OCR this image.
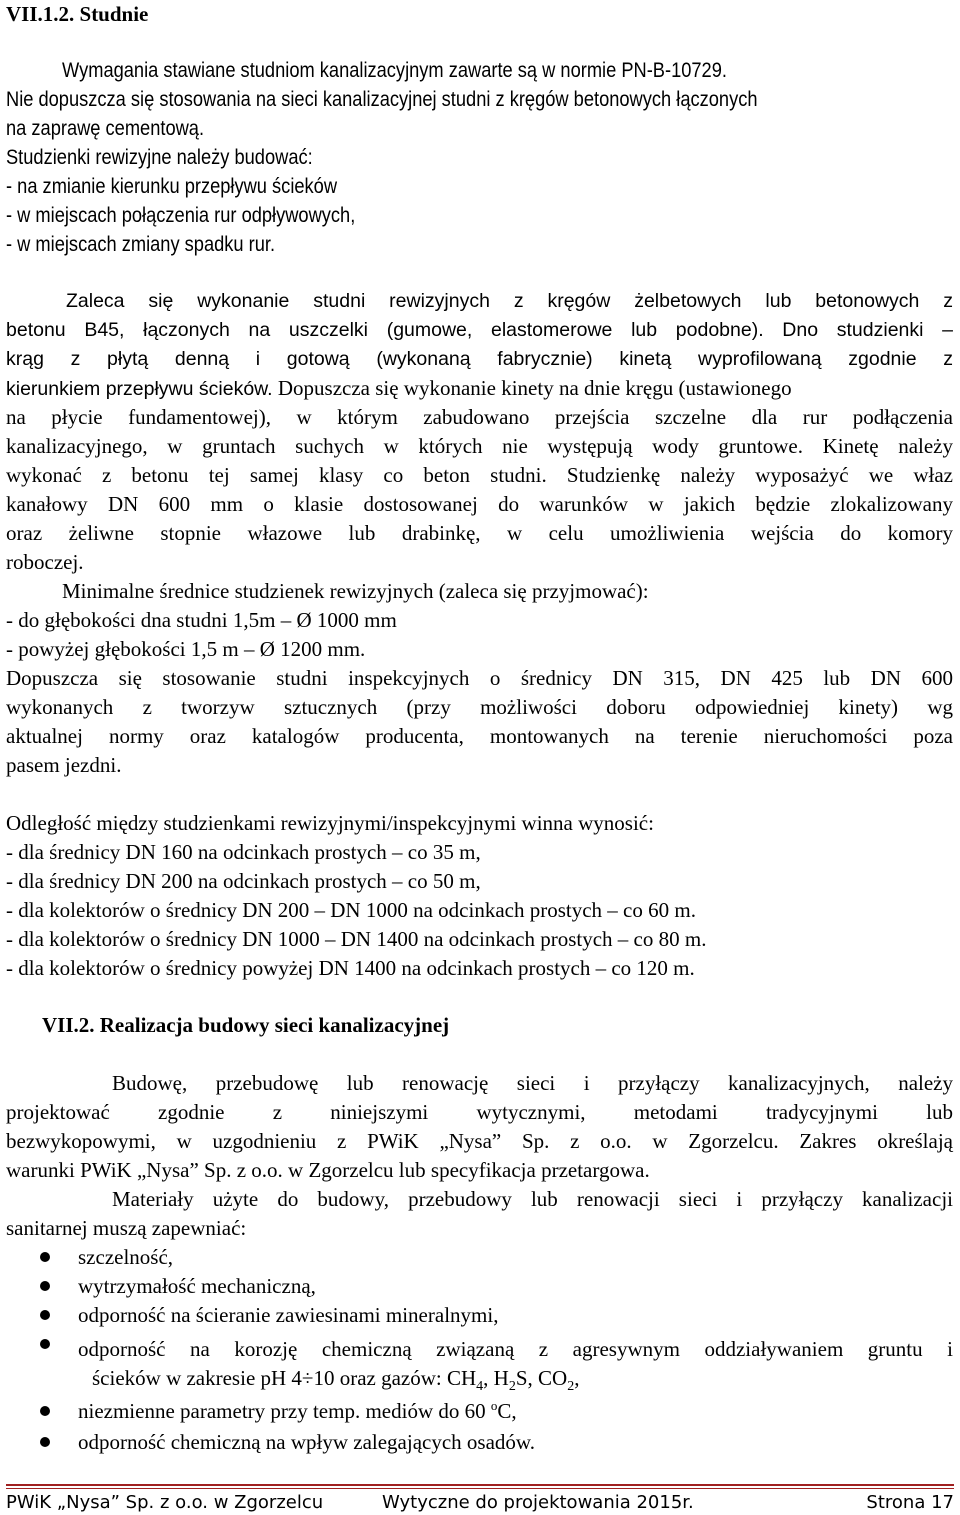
VII.1.2. Studnie
Wymagania stawiane studniom kanalizacyjnym zawarte są w normie PN-B-10729.
Nie dopuszcza się stosowania na sieci kanalizacyjnej studni z kręgów betonowych łączonych
na zaprawę cementową.
Studzienki rewizyjne należy budować:
- na zmianie kierunku przepływu ścieków
- w miejscach połączenia rur odpływowych,
- w miejscach zmiany spadku rur.
Zaleca się wykonanie studni rewizyjnych z kręgów żelbetowych lub betonowych z
betonu B45, łączonych na uszczelki (gumowe, elastomerowe lub podobne). Dno studzienki –
krąg z płytą denną i gotową (wykonaną fabrycznie) kinetą wyprofilowaną zgodnie z
kierunkiem przepływu ścieków. Dopuszcza się wykonanie kinety na dnie kręgu (ustawionego
na płycie fundamentowej), w którym zabudowano przejścia szczelne dla rur podłączenia
kanalizacyjnego, w gruntach suchych w których nie występują wody gruntowe. Kinetę należy
wykonać z betonu tej samej klasy co beton studni. Studzienkę należy wyposażyć we właz
kanałowy DN 600 mm o klasie dostosowanej do warunków w jakich będzie zlokalizowany
oraz żeliwne stopnie włazowe lub drabinkę, w celu umożliwienia wejścia do komory
roboczej.
Minimalne średnice studzienek rewizyjnych (zaleca się przyjmować):
- do głębokości dna studni 1,5m – Ø 1000 mm
- powyżej głębokości 1,5 m – Ø 1200 mm.
Dopuszcza się stosowanie studni inspekcyjnych o średnicy DN 315, DN 425 lub DN 600
wykonanych z tworzyw sztucznych (przy możliwości doboru odpowiedniej kinety) wg
aktualnej normy oraz katalogów producenta, montowanych na terenie nieruchomości poza
pasem jezdni.
Odległość między studzienkami rewizyjnymi/inspekcyjnymi winna wynosić:
- dla średnicy DN 160 na odcinkach prostych – co 35 m,
- dla średnicy DN 200 na odcinkach prostych – co 50 m,
- dla kolektorów o średnicy DN 200 – DN 1000 na odcinkach prostych – co 60 m.
- dla kolektorów o średnicy DN 1000 – DN 1400 na odcinkach prostych – co 80 m.
- dla kolektorów o średnicy powyżej DN 1400 na odcinkach prostych – co 120 m.
VII.2. Realizacja budowy sieci kanalizacyjnej
Budowę, przebudowę lub renowację sieci i przyłączy kanalizacyjnych, należy
projektować zgodnie z niniejszymi wytycznymi, metodami tradycyjnymi lub
bezwykopowymi, w uzgodnieniu z PWiK „Nysa” Sp. z o.o. w Zgorzelcu. Zakres określają
warunki PWiK „Nysa” Sp. z o.o. w Zgorzelcu lub specyfikacja przetargowa.
Materiały użyte do budowy, przebudowy lub renowacji sieci i przyłączy kanalizacji
sanitarnej muszą zapewniać:
szczelność,
wytrzymałość mechaniczną,
odporność na ścieranie zawiesinami mineralnymi,
odporność na korozję chemiczną związaną z agresywnym oddziaływaniem gruntu i
ścieków w zakresie pH 4÷10 oraz gazów: $CH_4$, $H_2S$, $CO_2$,
niezmienne parametry przy temp. mediów do 60 $^o$C,
odporność chemiczną na wpływ zalegających osadów.
PWiK „Nysa” Sp. z o.o. w Zgorzelcu	Wytyczne do projektowania 2015r.	Strona 17
